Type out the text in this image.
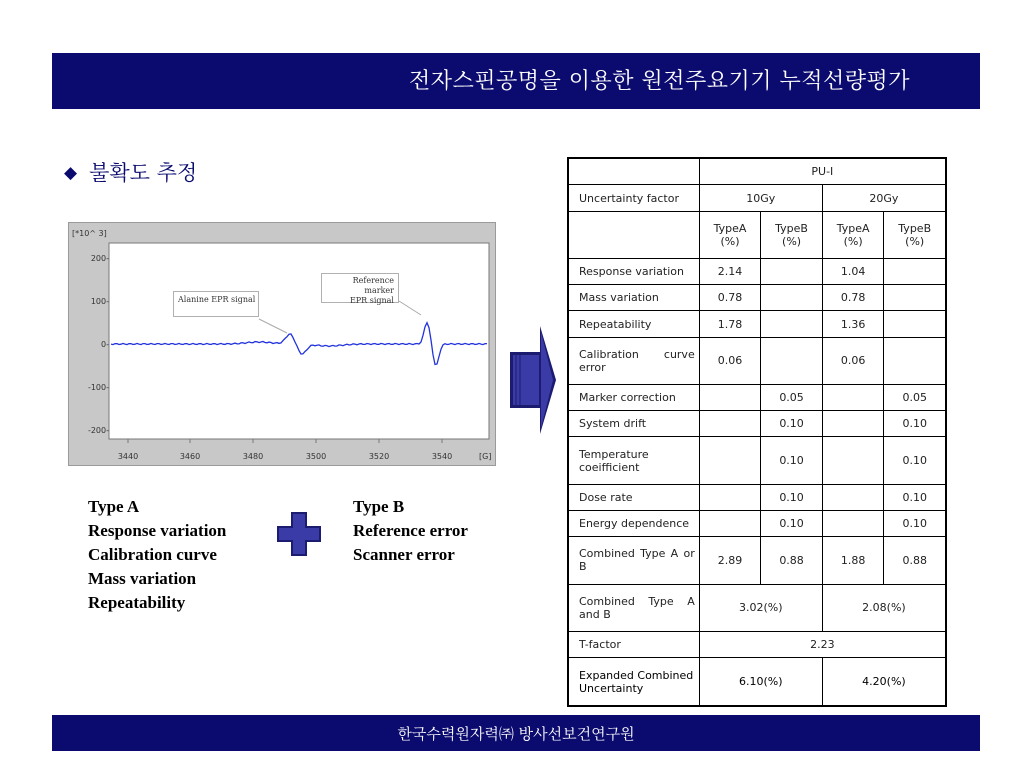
전자스핀공명을 이용한 원전주요기기 누적선량평가
◆ 불확도 추정
[*10^ 3]
[G]
200-
100-
0-
-100-
-200-
3440	3460	3480	3500	3520	3540
Alanine EPR signal
Reference marker
EPR signal
Type A
Response variation
Calibration curve
Mass variation
Repeatability
Type B
Reference error
Scanner error
	PU-I			
Uncertainty factor	10Gy		20Gy	
	TypeA (%)	TypeB (%)	TypeA (%)	TypeB (%)
Response variation	2.14		1.04	
Mass variation	0.78		0.78	
Repeatability	1.78		1.36	
Calibration curve error	0.06		0.06	
Marker correction		0.05		0.05
System drift		0.10		0.10
Temperature coeifficient		0.10		0.10
Dose rate		0.10		0.10
Energy dependence		0.10		0.10
Combined Type A or B	2.89	0.88	1.88	0.88
Combined Type A and B	3.02(%)		2.08(%)	
T-factor	2.23			
Expanded Combined Uncertainty	6.10(%)		4.20(%)	
한국수력원자력㈜ 방사선보건연구원
